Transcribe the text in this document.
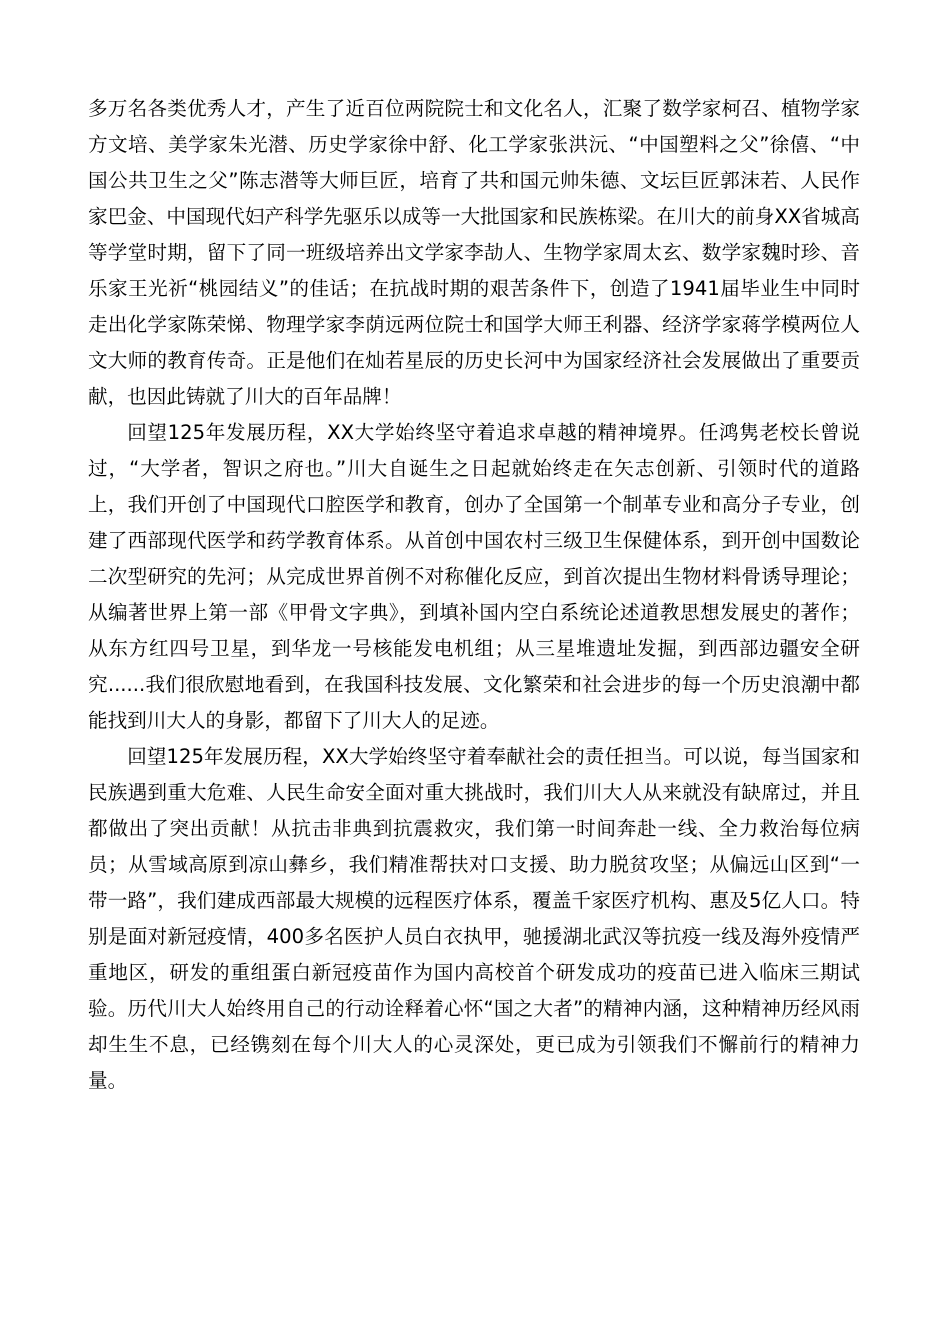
多万名各类优秀人才，产生了近百位两院院士和文化名人，汇聚了数学家柯召、植物学家方文培、美学家朱光潜、历史学家徐中舒、化工学家张洪沅、“中国塑料之父”徐僖、“中国公共卫生之父”陈志潜等大师巨匠，培育了共和国元帅朱德、文坛巨匠郭沫若、人民作家巴金、中国现代妇产科学先驱乐以成等一大批国家和民族栋梁。在川大的前身XX省城高等学堂时期，留下了同一班级培养出文学家李劼人、生物学家周太玄、数学家魏时珍、音乐家王光祈“桃园结义”的佳话；在抗战时期的艰苦条件下，创造了1941届毕业生中同时走出化学家陈荣悌、物理学家李荫远两位院士和国学大师王利器、经济学家蒋学模两位人文大师的教育传奇。正是他们在灿若星辰的历史长河中为国家经济社会发展做出了重要贡献，也因此铸就了川大的百年品牌！

回望125年发展历程，XX大学始终坚守着追求卓越的精神境界。任鸿隽老校长曾说过，“大学者，智识之府也。”川大自诞生之日起就始终走在矢志创新、引领时代的道路上，我们开创了中国现代口腔医学和教育，创办了全国第一个制革专业和高分子专业，创建了西部现代医学和药学教育体系。从首创中国农村三级卫生保健体系，到开创中国数论二次型研究的先河；从完成世界首例不对称催化反应，到首次提出生物材料骨诱导理论；从编著世界上第一部《甲骨文字典》，到填补国内空白系统论述道教思想发展史的著作；从东方红四号卫星，到华龙一号核能发电机组；从三星堆遗址发掘，到西部边疆安全研究......我们很欣慰地看到，在我国科技发展、文化繁荣和社会进步的每一个历史浪潮中都能找到川大人的身影，都留下了川大人的足迹。

回望125年发展历程，XX大学始终坚守着奉献社会的责任担当。可以说，每当国家和民族遇到重大危难、人民生命安全面对重大挑战时，我们川大人从来就没有缺席过，并且都做出了突出贡献！从抗击非典到抗震救灾，我们第一时间奔赴一线、全力救治每位病员；从雪域高原到凉山彝乡，我们精准帮扶对口支援、助力脱贫攻坚；从偏远山区到“一带一路”，我们建成西部最大规模的远程医疗体系，覆盖千家医疗机构、惠及5亿人口。特别是面对新冠疫情，400多名医护人员白衣执甲，驰援湖北武汉等抗疫一线及海外疫情严重地区，研发的重组蛋白新冠疫苗作为国内高校首个研发成功的疫苗已进入临床三期试验。历代川大人始终用自己的行动诠释着心怀“国之大者”的精神内涵，这种精神历经风雨却生生不息，已经镌刻在每个川大人的心灵深处，更已成为引领我们不懈前行的精神力量。
